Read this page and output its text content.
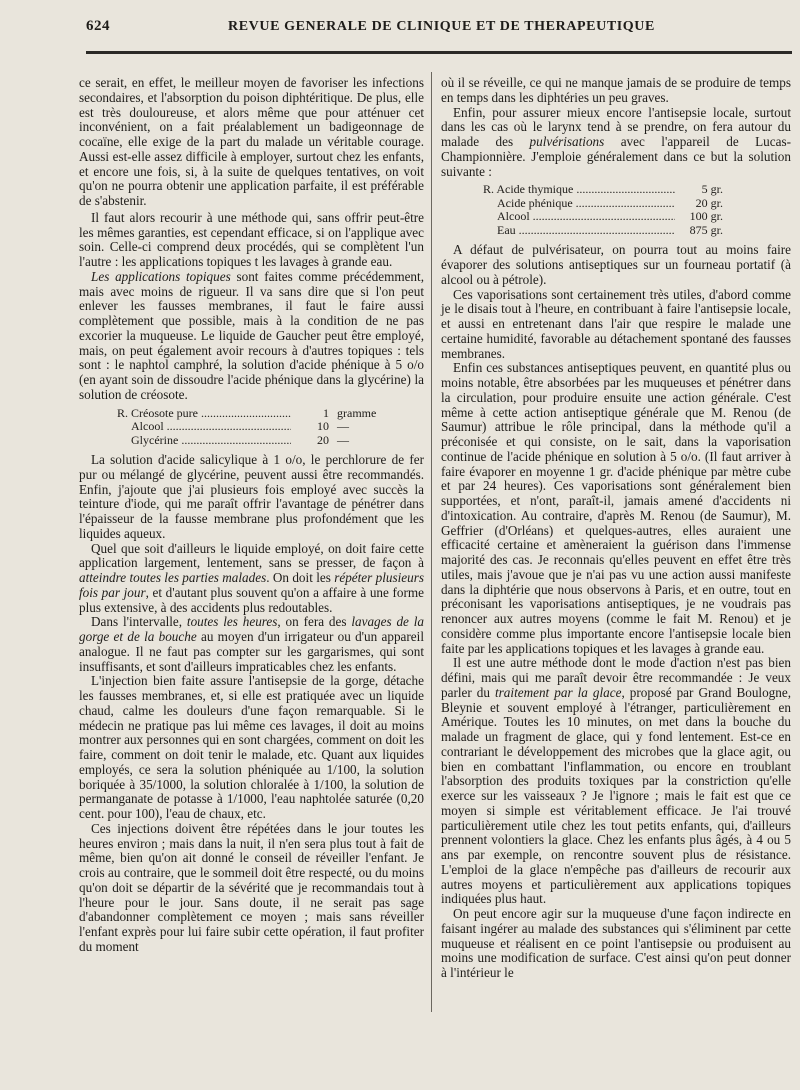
624	REVUE GENERALE DE CLINIQUE ET DE THERAPEUTIQUE

ce serait, en effet, le meilleur moyen de favoriser les infections secondaires, et l'absorption du poison diphtéritique. De plus, elle est très douloureuse, et alors même que pour atténuer cet inconvénient, on a fait préalablement un badigeonnage de cocaïne, elle exige de la part du malade un véritable courage. Aussi est-elle assez difficile à employer, surtout chez les enfants, et encore une fois, si, à la suite de quelques tentatives, on voit qu'on ne pourra obtenir une application parfaite, il est préférable de s'abstenir.

Il faut alors recourir à une méthode qui, sans offrir peut-être les mêmes garanties, est cependant efficace, si on l'applique avec soin. Celle-ci comprend deux procédés, qui se complètent l'un l'autre : les applications topiques t les lavages à grande eau.

Les applications topiques sont faites comme précédemment, mais avec moins de rigueur. Il va sans dire que si l'on peut enlever les fausses membranes, il faut le faire aussi complètement que possible, mais à la condition de ne pas excorier la muqueuse. Le liquide de Gaucher peut être employé, mais, on peut également avoir recours à d'autres topiques : tels sont : le naphtol camphré, la solution d'acide phénique à 5 o/o (en ayant soin de dissoudre l'acide phénique dans la glycérine) la solution de créosote.

R. Créosote pure .....	1 gramme
Alcool .....	10 —
Glycérine .....	20 —

La solution d'acide salicylique à 1 o/o, le perchlorure de fer pur ou mélangé de glycérine, peuvent aussi être recommandés. Enfin, j'ajoute que j'ai plusieurs fois employé avec succès la teinture d'iode, qui me paraît offrir l'avantage de pénétrer dans l'épaisseur de la fausse membrane plus profondément que les liquides aqueux.

Quel que soit d'ailleurs le liquide employé, on doit faire cette application largement, lentement, sans se presser, de façon à atteindre toutes les parties malades. On doit les répéter plusieurs fois par jour, et d'autant plus souvent qu'on a affaire à une forme plus extensive, à des accidents plus redoutables.

Dans l'intervalle, toutes les heures, on fera des lavages de la gorge et de la bouche au moyen d'un irrigateur ou d'un appareil analogue. Il ne faut pas compter sur les gargarismes, qui sont insuffisants, et sont d'ailleurs impraticables chez les enfants.

L'injection bien faite assure l'antisepsie de la gorge, détache les fausses membranes, et, si elle est pratiquée avec un liquide chaud, calme les douleurs d'une façon remarquable. Si le médecin ne pratique pas lui même ces lavages, il doit au moins montrer aux personnes qui en sont chargées, comment on doit les faire, comment on doit tenir le malade, etc. Quant aux liquides employés, ce sera la solution phéniquée au 1/100, la solution boriquée à 35/1000, la solution chloralée à 1/100, la solution de permanganate de potasse à 1/1000, l'eau naphtolée saturée (0,20 cent. pour 100), l'eau de chaux, etc.

Ces injections doivent être répétées dans le jour toutes les heures environ ; mais dans la nuit, il n'en sera plus tout à fait de même, bien qu'on ait donné le conseil de réveiller l'enfant. Je crois au contraire, que le sommeil doit être respecté, ou du moins qu'on doit se départir de la sévérité que je recommandais tout à l'heure pour le jour. Sans doute, il ne serait pas sage d'abandonner complètement ce moyen ; mais sans réveiller l'enfant exprès pour lui faire subir cette opération, il faut profiter du moment

où il se réveille, ce qui ne manque jamais de se produire de temps en temps dans les diphtéries un peu graves.

Enfin, pour assurer mieux encore l'antisepsie locale, surtout dans les cas où le larynx tend à se prendre, on fera autour du malade des pulvérisations avec l'appareil de Lucas-Championnière. J'emploie généralement dans ce but la solution suivante :

R. Acide thymique .....	5 gr.
Acide phénique .....	20 gr.
Alcool .....	100 gr.
Eau .....	875 gr.

A défaut de pulvérisateur, on pourra tout au moins faire évaporer des solutions antiseptiques sur un fourneau portatif (à alcool ou à pétrole).

Ces vaporisations sont certainement très utiles, d'abord comme je le disais tout à l'heure, en contribuant à faire l'antisepsie locale, et aussi en entretenant dans l'air que respire le malade une certaine humidité, favorable au détachement spontané des fausses membranes.

Enfin ces substances antiseptiques peuvent, en quantité plus ou moins notable, être absorbées par les muqueuses et pénétrer dans la circulation, pour produire ensuite une action générale. C'est même à cette action antiseptique générale que M. Renou (de Saumur) attribue le rôle principal, dans la méthode qu'il a préconisée et qui consiste, on le sait, dans la vaporisation continue de l'acide phénique en solution à 5 o/o. (Il faut arriver à faire évaporer en moyenne 1 gr. d'acide phénique par mètre cube et par 24 heures). Ces vaporisations sont généralement bien supportées, et n'ont, paraît-il, jamais amené d'accidents ni d'intoxication. Au contraire, d'après M. Renou (de Saumur), M. Geffrier (d'Orléans) et quelques-autres, elles auraient une efficacité certaine et amèneraient la guérison dans l'immense majorité des cas. Je reconnais qu'elles peuvent en effet être très utiles, mais j'avoue que je n'ai pas vu une action aussi manifeste dans la diphtérie que nous observons à Paris, et en outre, tout en préconisant les vaporisations antiseptiques, je ne voudrais pas renoncer aux autres moyens (comme le fait M. Renou) et je considère comme plus importante encore l'antisepsie locale bien faite par les applications topiques et les lavages à grande eau.

Il est une autre méthode dont le mode d'action n'est pas bien défini, mais qui me paraît devoir être recommandée : Je veux parler du traitement par la glace, proposé par Grand Boulogne, Bleynie et souvent employé à l'étranger, particulièrement en Amérique. Toutes les 10 minutes, on met dans la bouche du malade un fragment de glace, qui y fond lentement. Est-ce en contrariant le développement des microbes que la glace agit, ou bien en combattant l'inflammation, ou encore en troublant l'absorption des produits toxiques par la constriction qu'elle exerce sur les vaisseaux ? Je l'ignore ; mais le fait est que ce moyen si simple est véritablement efficace. Je l'ai trouvé particulièrement utile chez les tout petits enfants, qui, d'ailleurs prennent volontiers la glace. Chez les enfants plus âgés, à 4 ou 5 ans par exemple, on rencontre souvent plus de résistance. L'emploi de la glace n'empêche pas d'ailleurs de recourir aux autres moyens et particulièrement aux applications topiques indiquées plus haut.

On peut encore agir sur la muqueuse d'une façon indirecte en faisant ingérer au malade des substances qui s'éliminent par cette muqueuse et réalisent en ce point l'antisepsie ou produisent au moins une modification de surface. C'est ainsi qu'on peut donner à l'intérieur le
